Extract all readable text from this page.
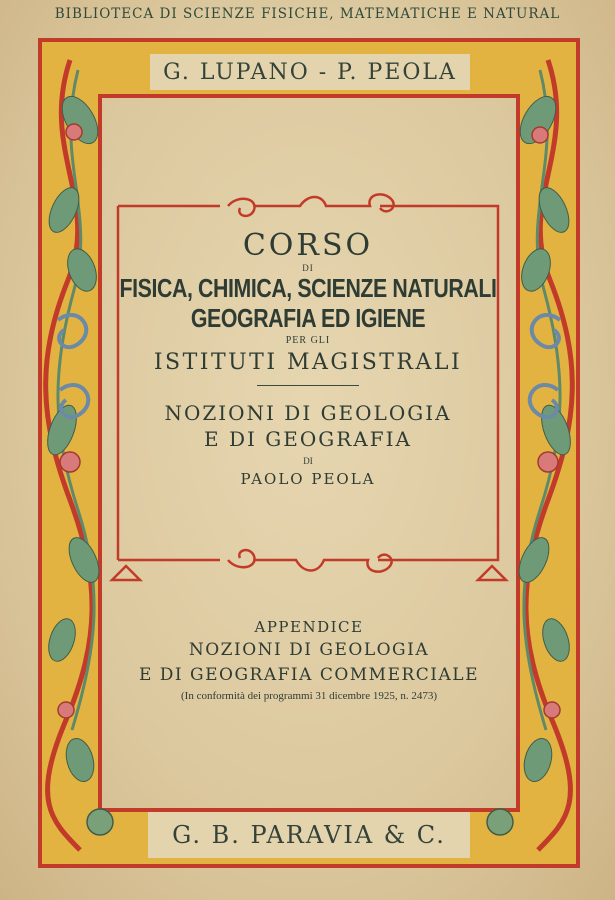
BIBLIOTECA DI SCIENZE FISICHE, MATEMATICHE E NATURAL
G. LUPANO - P. PEOLA
CORSO
DI
FISICA, CHIMICA, SCIENZE NATURALI
GEOGRAFIA ED IGIENE
PER GLI
ISTITUTI MAGISTRALI
NOZIONI DI GEOLOGIA
E DI GEOGRAFIA
DI
PAOLO PEOLA
APPENDICE
NOZIONI DI GEOLOGIA
E DI GEOGRAFIA COMMERCIALE
(In conformità dei programmi 31 dicembre 1925, n. 2473)
G. B. PARAVIA & C.
